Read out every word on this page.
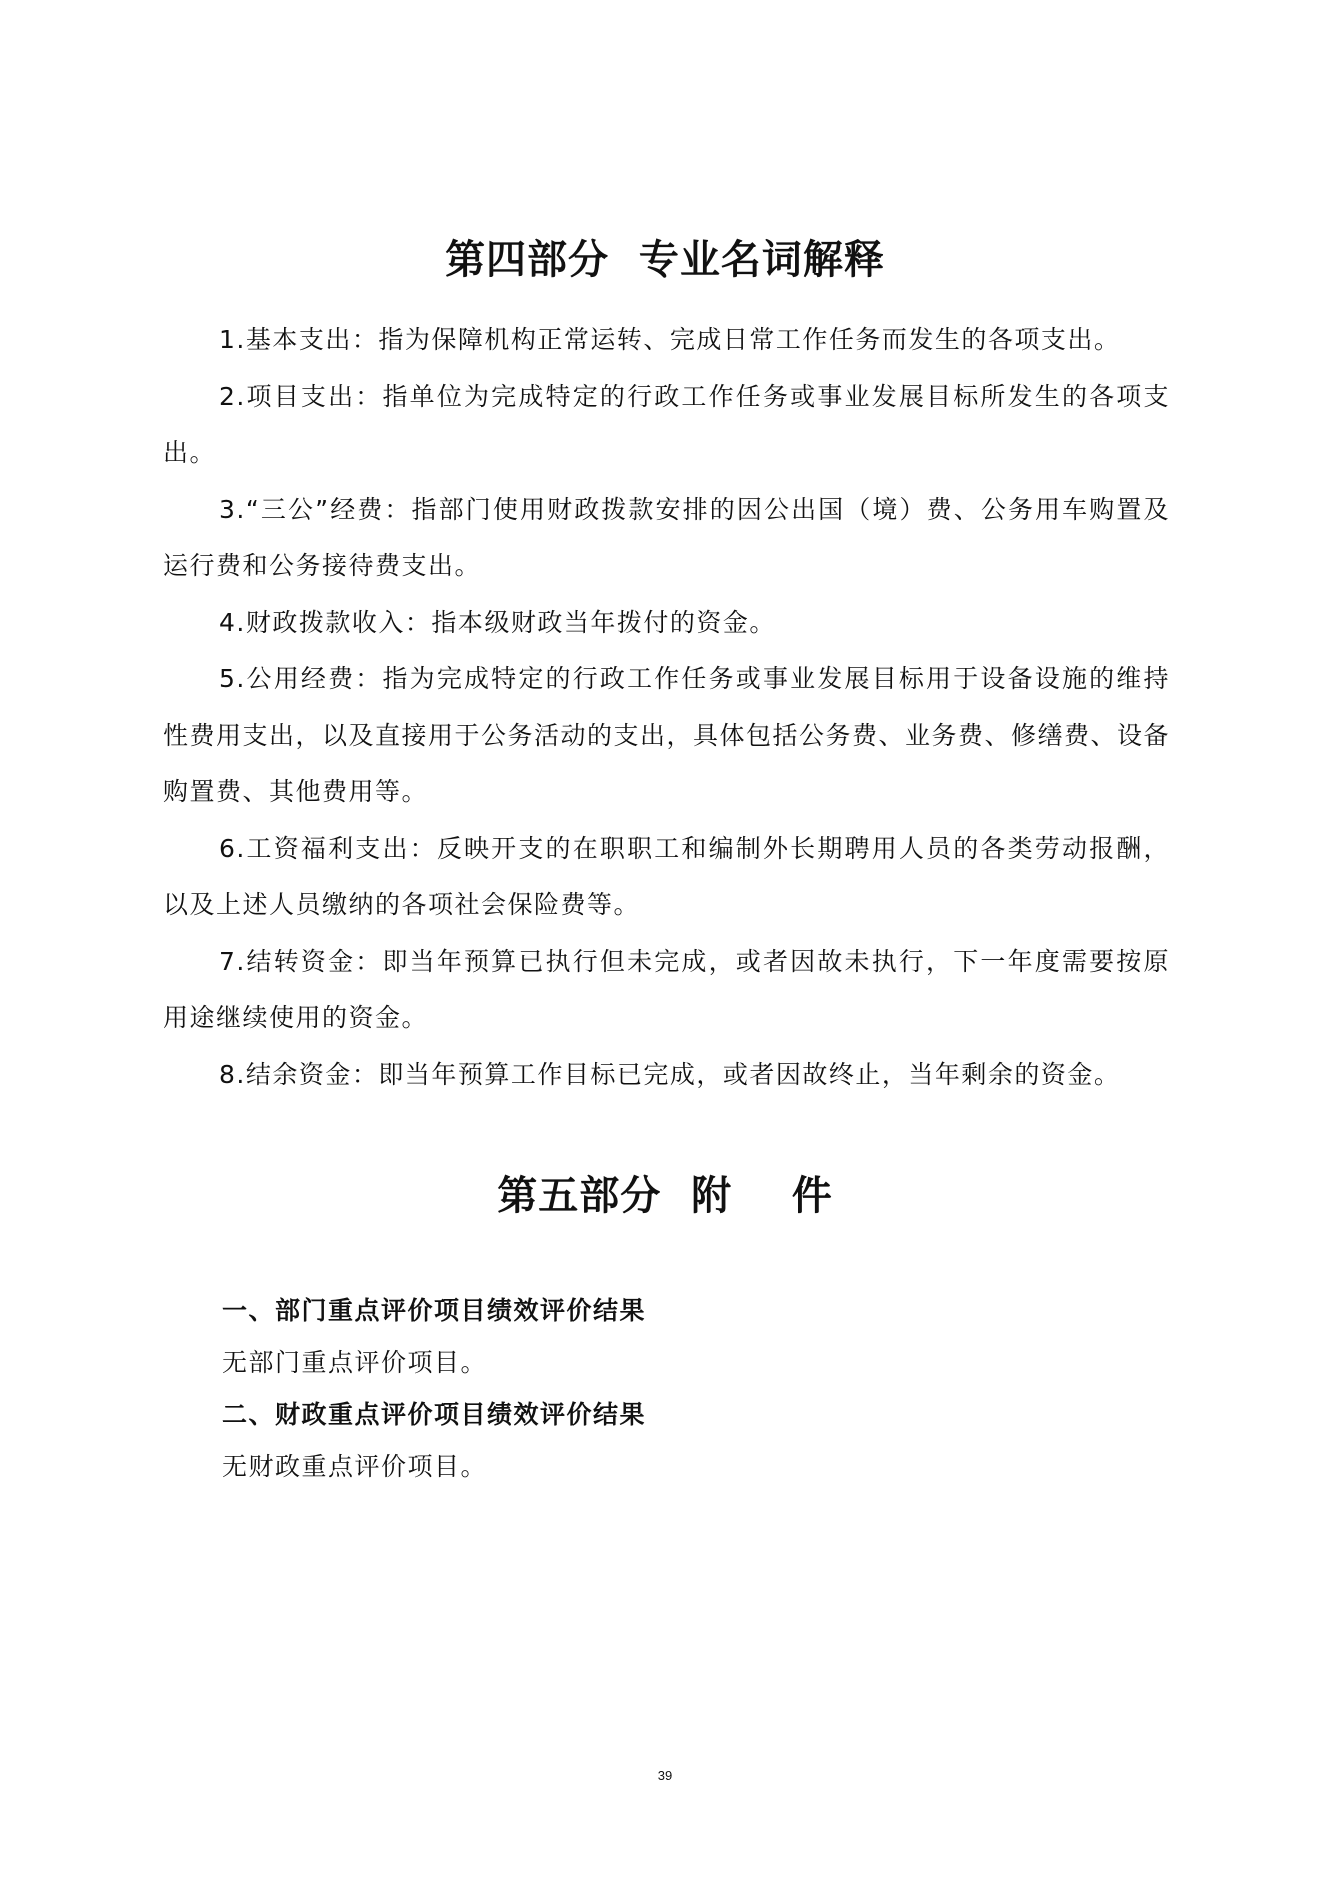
第四部分  专业名词解释

1.基本支出：指为保障机构正常运转、完成日常工作任务而发生的各项支出。

2.项目支出：指单位为完成特定的行政工作任务或事业发展目标所发生的各项支出。

3.“三公”经费：指部门使用财政拨款安排的因公出国（境）费、公务用车购置及运行费和公务接待费支出。

4.财政拨款收入：指本级财政当年拨付的资金。

5.公用经费：指为完成特定的行政工作任务或事业发展目标用于设备设施的维持性费用支出，以及直接用于公务活动的支出，具体包括公务费、业务费、修缮费、设备购置费、其他费用等。

6.工资福利支出：反映开支的在职职工和编制外长期聘用人员的各类劳动报酬，以及上述人员缴纳的各项社会保险费等。

7.结转资金：即当年预算已执行但未完成，或者因故未执行，下一年度需要按原用途继续使用的资金。

8.结余资金：即当年预算工作目标已完成，或者因故终止，当年剩余的资金。

第五部分  附    件

一、部门重点评价项目绩效评价结果

无部门重点评价项目。

二、财政重点评价项目绩效评价结果

无财政重点评价项目。

39
